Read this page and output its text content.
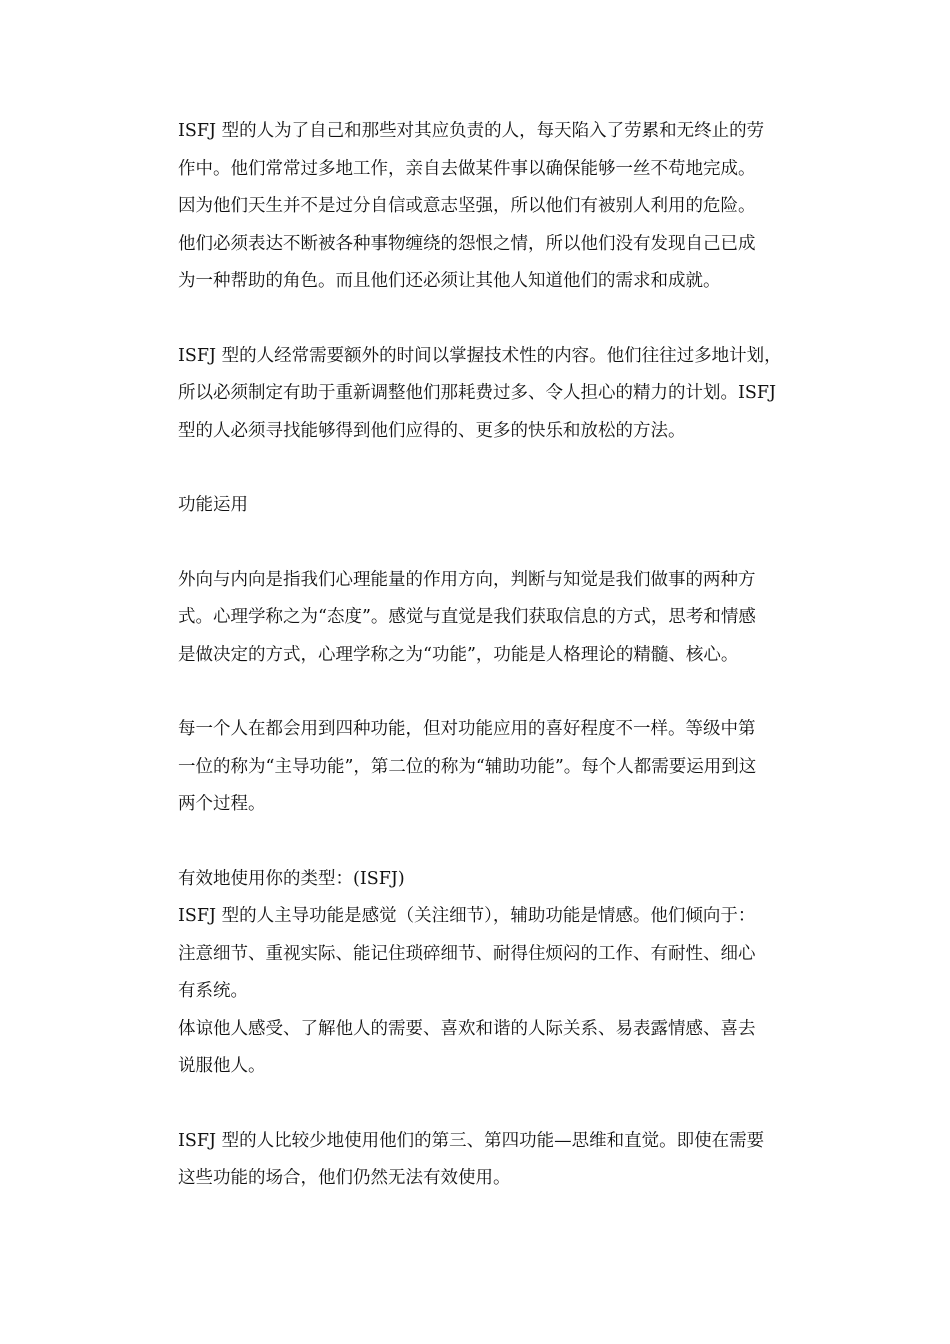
ISFJ 型的人为了自己和那些对其应负责的人，每天陷入了劳累和无终止的劳
作中。他们常常过多地工作，亲自去做某件事以确保能够一丝不苟地完成。
因为他们天生并不是过分自信或意志坚强，所以他们有被别人利用的危险。
他们必须表达不断被各种事物缠绕的怨恨之情，所以他们没有发现自己已成
为一种帮助的角色。而且他们还必须让其他人知道他们的需求和成就。

ISFJ 型的人经常需要额外的时间以掌握技术性的内容。他们往往过多地计划，
所以必须制定有助于重新调整他们那耗费过多、令人担心的精力的计划。ISFJ
型的人必须寻找能够得到他们应得的、更多的快乐和放松的方法。

功能运用

外向与内向是指我们心理能量的作用方向，判断与知觉是我们做事的两种方
式。心理学称之为“态度”。感觉与直觉是我们获取信息的方式，思考和情感
是做决定的方式，心理学称之为“功能”，功能是人格理论的精髓、核心。

每一个人在都会用到四种功能，但对功能应用的喜好程度不一样。等级中第
一位的称为“主导功能”，第二位的称为“辅助功能”。每个人都需要运用到这
两个过程。

有效地使用你的类型：(ISFJ)
ISFJ 型的人主导功能是感觉（关注细节），辅助功能是情感。他们倾向于：
注意细节、重视实际、能记住琐碎细节、耐得住烦闷的工作、有耐性、细心
有系统。
体谅他人感受、了解他人的需要、喜欢和谐的人际关系、易表露情感、喜去
说服他人。

ISFJ 型的人比较少地使用他们的第三、第四功能—思维和直觉。即使在需要
这些功能的场合，他们仍然无法有效使用。
